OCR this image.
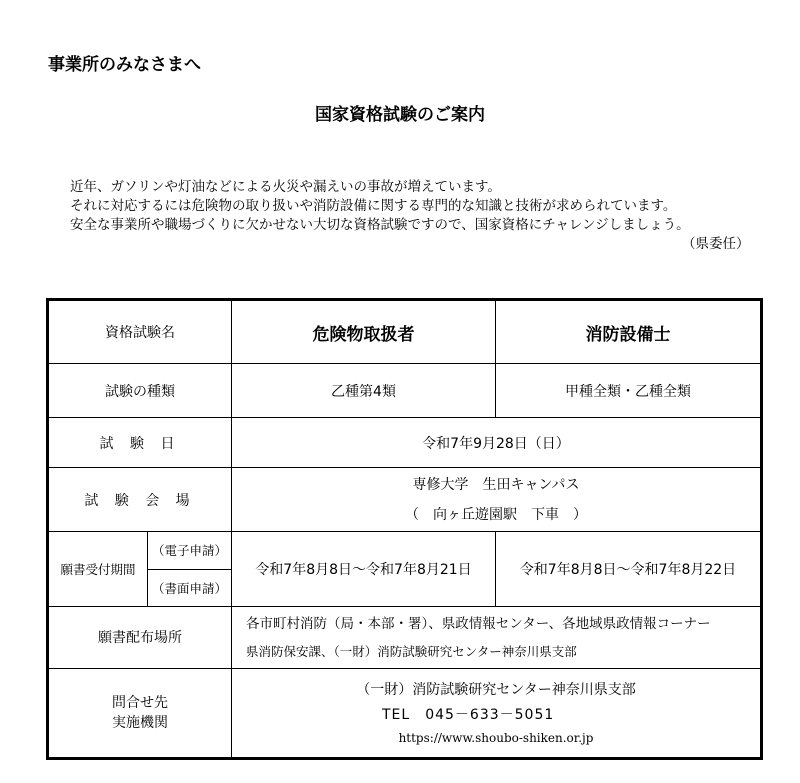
事業所のみなさまへ
国家資格試験のご案内
近年、ガソリンや灯油などによる火災や漏えいの事故が増えています。
それに対応するには危険物の取り扱いや消防設備に関する専門的な知識と技術が求められています。
安全な事業所や職場づくりに欠かせない大切な資格試験ですので、国家資格にチャレンジしましょう。
（県委任）
資格試験名		危険物取扱者	消防設備士
試験の種類		乙種第4類	甲種全類・乙種全類
試 験 日		令和7年9月28日（日）	
試 験 会 場		専修大学　生田キャンパス
（　向ヶ丘遊園駅　下車　）	

願書受付期間	（電子申請）	令和7年8月8日～令和7年8月21日	令和7年8月8日～令和7年8月22日
	（書面申請）		
願書配布場所		各市町村消防（局・本部・署）、県政情報センター、各地域県政情報コーナー
県消防保安課、（一財）消防試験研究センター神奈川県支部	

問合せ先
実施機関		（一財）消防試験研究センター神奈川県支部
TEL　045－633－5051
https://www.shoubo-shiken.or.jp	
